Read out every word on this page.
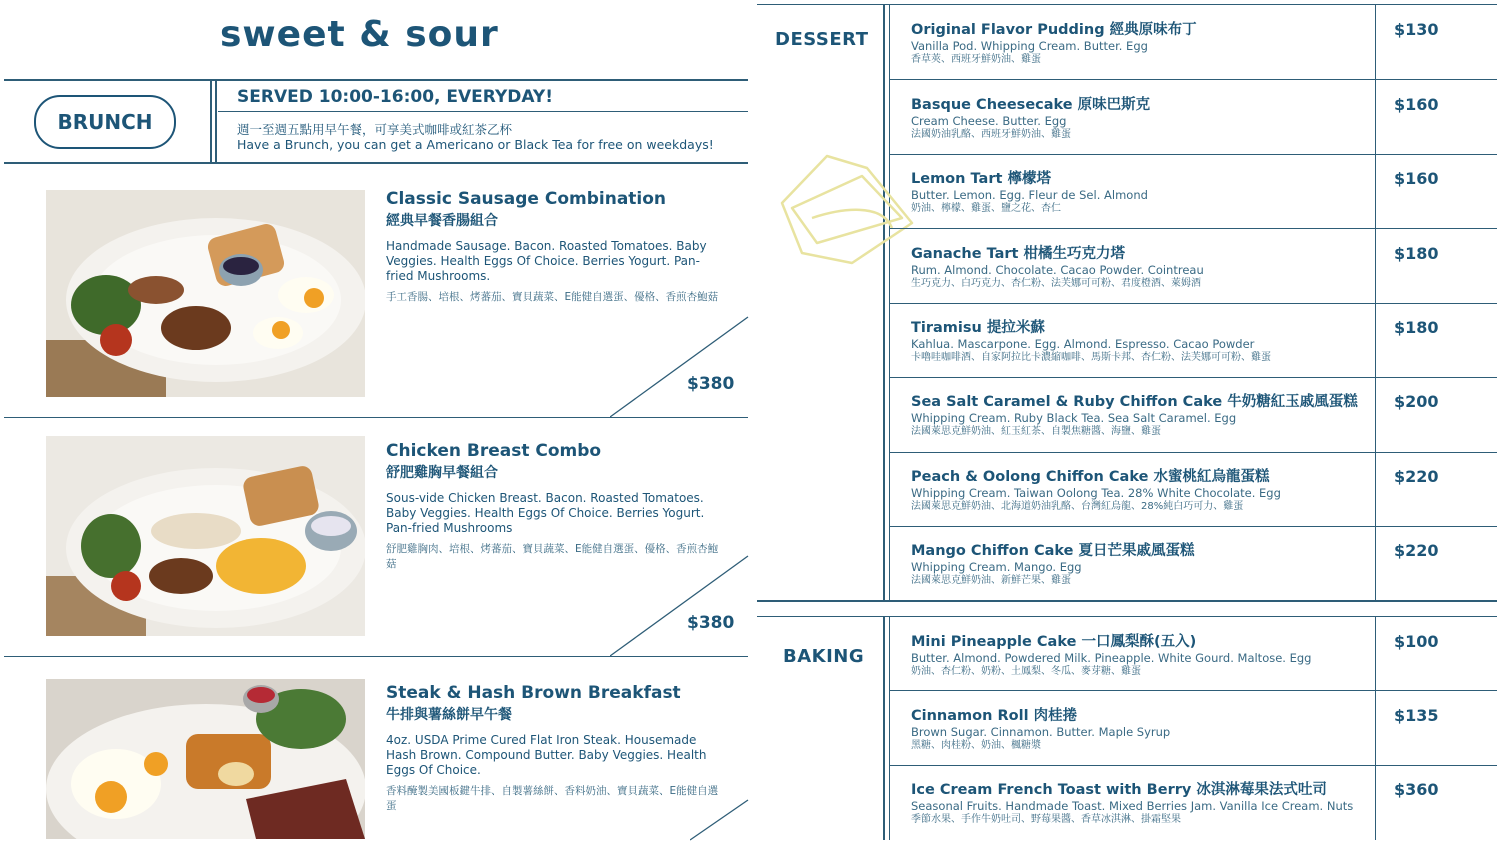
sweet & sour
BRUNCH
SERVED 10:00-16:00, EVERYDAY!
週一至週五點用早午餐，可享美式咖啡或紅茶乙杯
Have a Brunch, you can get a Americano or Black Tea for free on weekdays!
Classic Sausage Combination
經典早餐香腸組合
Handmade Sausage. Bacon. Roasted Tomatoes. Baby Veggies. Health Eggs Of Choice. Berries Yogurt. Pan-fried Mushrooms.
手工香腸、培根、烤蕃茄、寶貝蔬菜、E能健自選蛋、優格、香煎杏鮑菇
$380
Chicken Breast Combo
舒肥雞胸早餐組合
Sous-vide Chicken Breast. Bacon. Roasted Tomatoes. Baby Veggies. Health Eggs Of Choice. Berries Yogurt. Pan-fried Mushrooms
舒肥雞胸肉、培根、烤蕃茄、寶貝蔬菜、E能健自選蛋、優格、香煎杏鮑菇
$380
Steak & Hash Brown Breakfast
牛排與薯絲餅早午餐
4oz. USDA Prime Cured Flat Iron Steak. Housemade Hash Brown. Compound Butter. Baby Veggies. Health Eggs Of Choice.
香料醃製美國板鍵牛排、自製薯絲餅、香料奶油、寶貝蔬菜、E能健自選蛋
DESSERT
BAKING
Original Flavor Pudding 經典原味布丁
Vanilla Pod. Whipping Cream. Butter. Egg
香草莢、西班牙鮮奶油、雞蛋
$130
Basque Cheesecake 原味巴斯克
Cream Cheese. Butter. Egg
法國奶油乳酪、西班牙鮮奶油、雞蛋
$160
Lemon Tart 檸檬塔
Butter. Lemon. Egg. Fleur de Sel. Almond
奶油、檸檬、雞蛋、鹽之花、杏仁
$160
Ganache Tart 柑橘生巧克力塔
Rum. Almond. Chocolate. Cacao Powder. Cointreau
生巧克力、白巧克力、杏仁粉、法芙娜可可粉、君度橙酒、萊姆酒
$180
Tiramisu 提拉米蘇
Kahlua. Mascarpone. Egg. Almond. Espresso. Cacao Powder
卡嚕哇咖啡酒、自家阿拉比卡濃縮咖啡、馬斯卡邦、杏仁粉、法芙娜可可粉、雞蛋
$180
Sea Salt Caramel & Ruby Chiffon Cake 牛奶糖紅玉戚風蛋糕
Whipping Cream. Ruby Black Tea. Sea Salt Caramel. Egg
法國萊思克鮮奶油、紅玉紅茶、自製焦糖醬、海鹽、雞蛋
$200
Peach & Oolong Chiffon Cake 水蜜桃紅烏龍蛋糕
Whipping Cream. Taiwan Oolong Tea. 28% White Chocolate. Egg
法國萊思克鮮奶油、北海道奶油乳酪、台灣紅烏龍、28%純白巧可力、雞蛋
$220
Mango Chiffon Cake 夏日芒果戚風蛋糕
Whipping Cream. Mango. Egg
法國萊思克鮮奶油、新鮮芒果、雞蛋
$220
Mini Pineapple Cake 一口鳳梨酥(五入)
Butter. Almond. Powdered Milk. Pineapple. White Gourd. Maltose. Egg
奶油、杏仁粉、奶粉、土鳳梨、冬瓜、麥芽糖、雞蛋
$100
Cinnamon Roll 肉桂捲
Brown Sugar. Cinnamon. Butter. Maple Syrup
黑糖、肉桂粉、奶油、楓糖漿
$135
Ice Cream French Toast with Berry 冰淇淋莓果法式吐司
Seasonal Fruits. Handmade Toast. Mixed Berries Jam. Vanilla Ice Cream. Nuts
季節水果、手作牛奶吐司、野莓果醬、香草冰淇淋、掛霜堅果
$360
